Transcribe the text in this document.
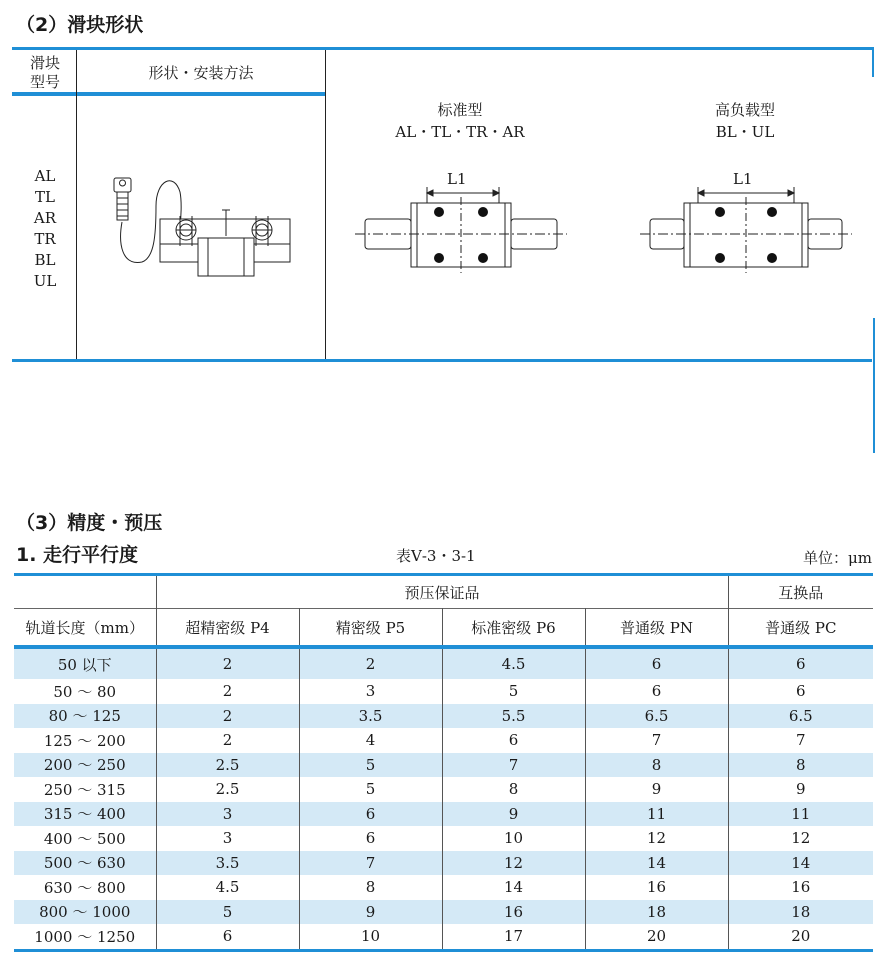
（2）滑块形状
滑块
型号	形状・安装方法
AL
TL
AR
TR
BL
UL
标准型
AL・TL・TR・AR
L1
高负载型
BL・UL
L1
（3）精度・预压
1. 走行平行度	表Ⅴ-3・3-1	单位：μm
	预压保证品				互换品
轨道长度（mm）	超精密级 P4	精密级 P5	标准密级 P6	普通级 PN	普通级 PC
50 以下	2	2	4.5	6	6
50 ～ 80	2	3	5	6	6
80 ～ 125	2	3.5	5.5	6.5	6.5
125 ～ 200	2	4	6	7	7
200 ～ 250	2.5	5	7	8	8
250 ～ 315	2.5	5	8	9	9
315 ～ 400	3	6	9	11	11
400 ～ 500	3	6	10	12	12
500 ～ 630	3.5	7	12	14	14
630 ～ 800	4.5	8	14	16	16
800 ～ 1000	5	9	16	18	18
1000 ～ 1250	6	10	17	20	20
